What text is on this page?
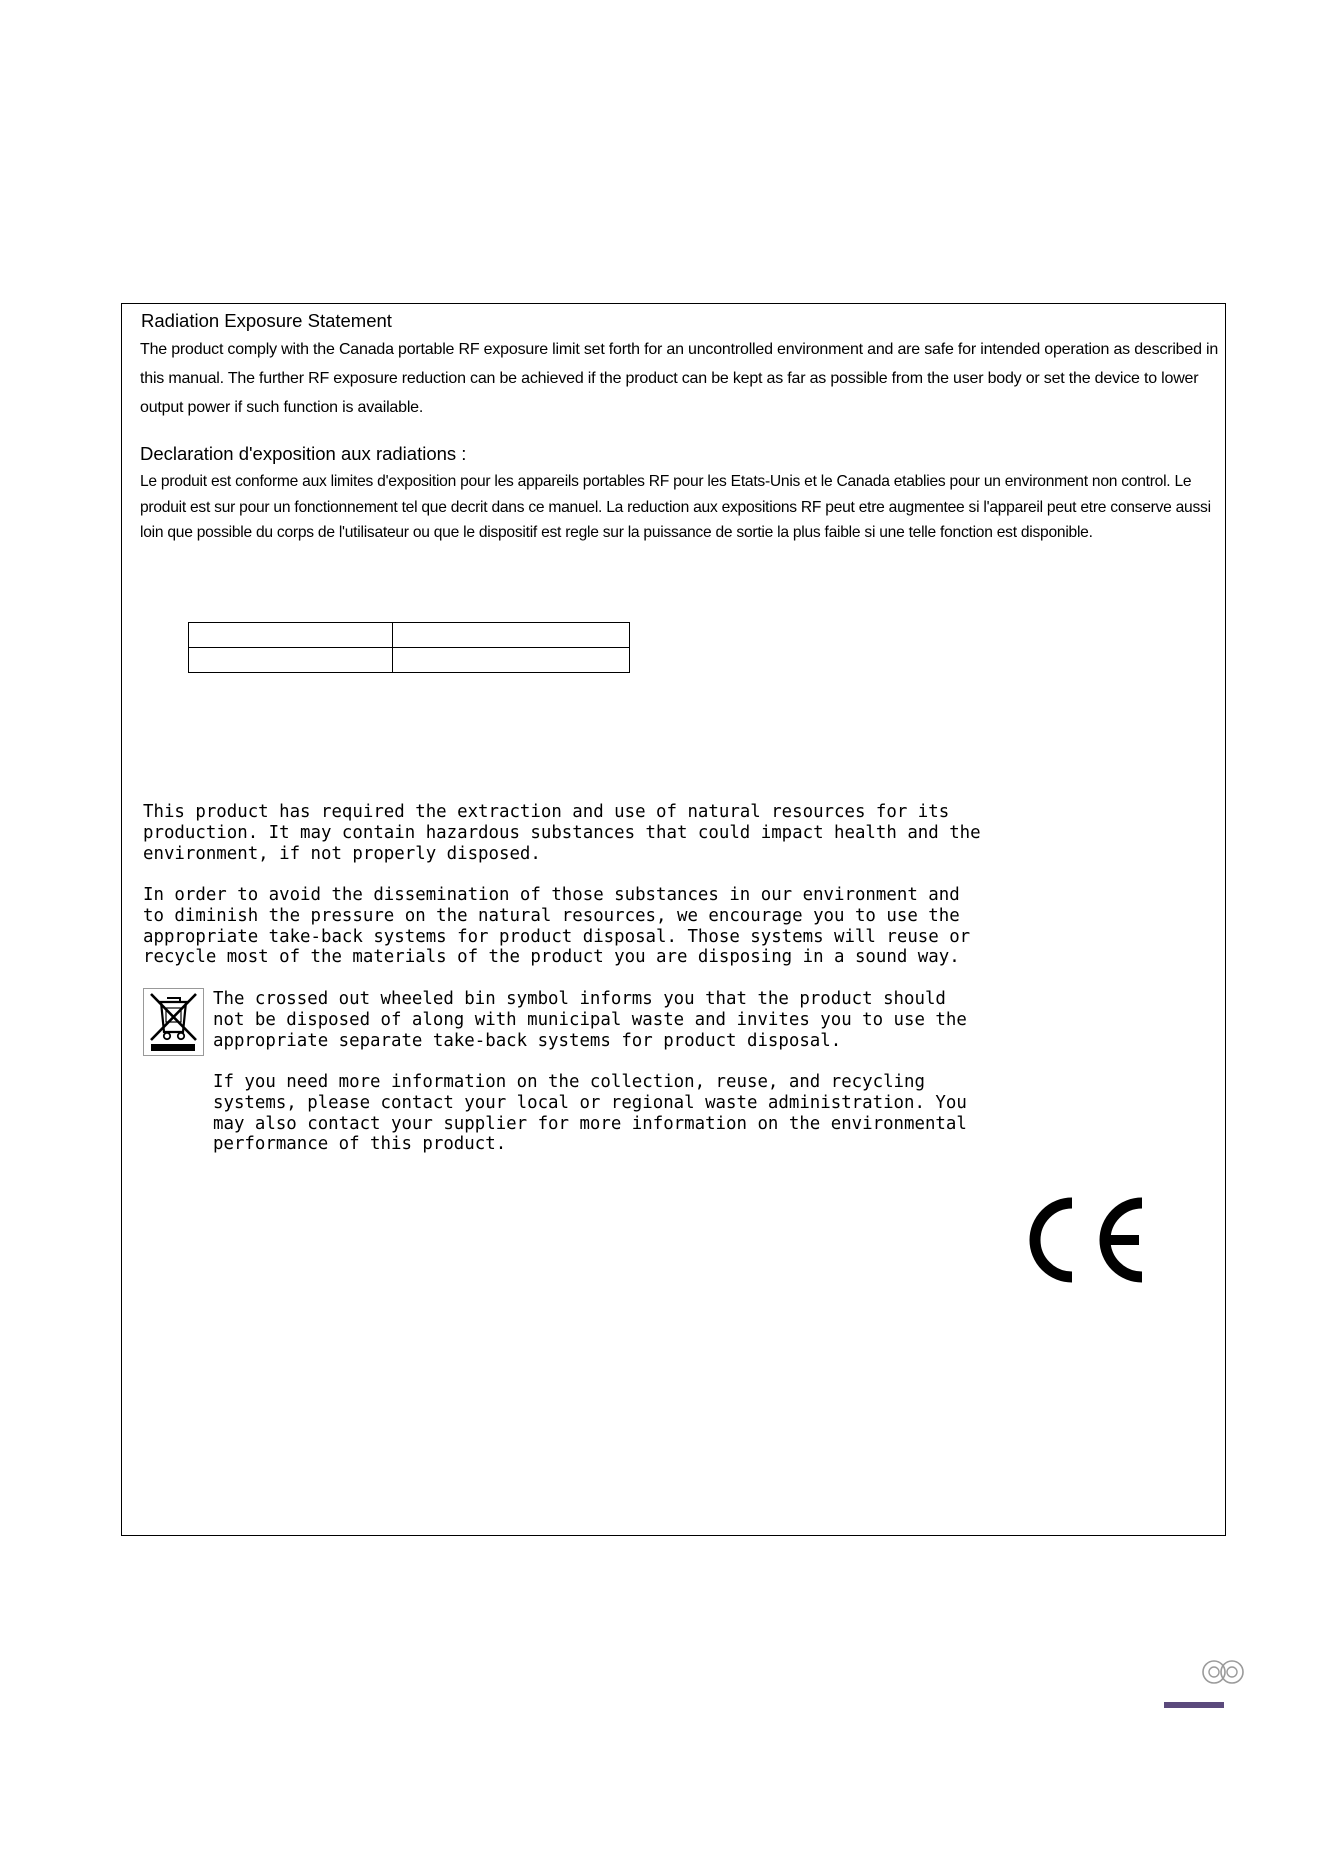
Radiation Exposure Statement
The product comply with the Canada portable RF exposure limit set forth for an uncontrolled environment and are safe for intended operation as described in this manual. The further RF exposure reduction can be achieved if the product can be kept as far as possible from the user body or set the device to lower output power if such function is available.
Declaration d'exposition aux radiations :
Le produit est conforme aux limites d'exposition pour les appareils portables RF pour les Etats-Unis et le Canada etablies pour un environment non control. Le produit est sur pour un fonctionnement tel que decrit dans ce manuel. La reduction aux expositions RF peut etre augmentee si l'appareil peut etre conserve aussi loin que possible du corps de l'utilisateur ou que le dispositif est regle sur la puissance de sortie la plus faible si une telle fonction est disponible.

This product has required the extraction and use of natural resources for its
production. It may contain hazardous substances that could impact health and the
environment, if not properly disposed.

In order to avoid the dissemination of those substances in our environment and
to diminish the pressure on the natural resources, we encourage you to use the
appropriate take-back systems for product disposal. Those systems will reuse or
recycle most of the materials of the product you are disposing in a sound way.

The crossed out wheeled bin symbol informs you that the product should
not be disposed of along with municipal waste and invites you to use the
appropriate separate take-back systems for product disposal.

If you need more information on the collection, reuse, and recycling
systems, please contact your local or regional waste administration. You
may also contact your supplier for more information on the environmental
performance of this product.
